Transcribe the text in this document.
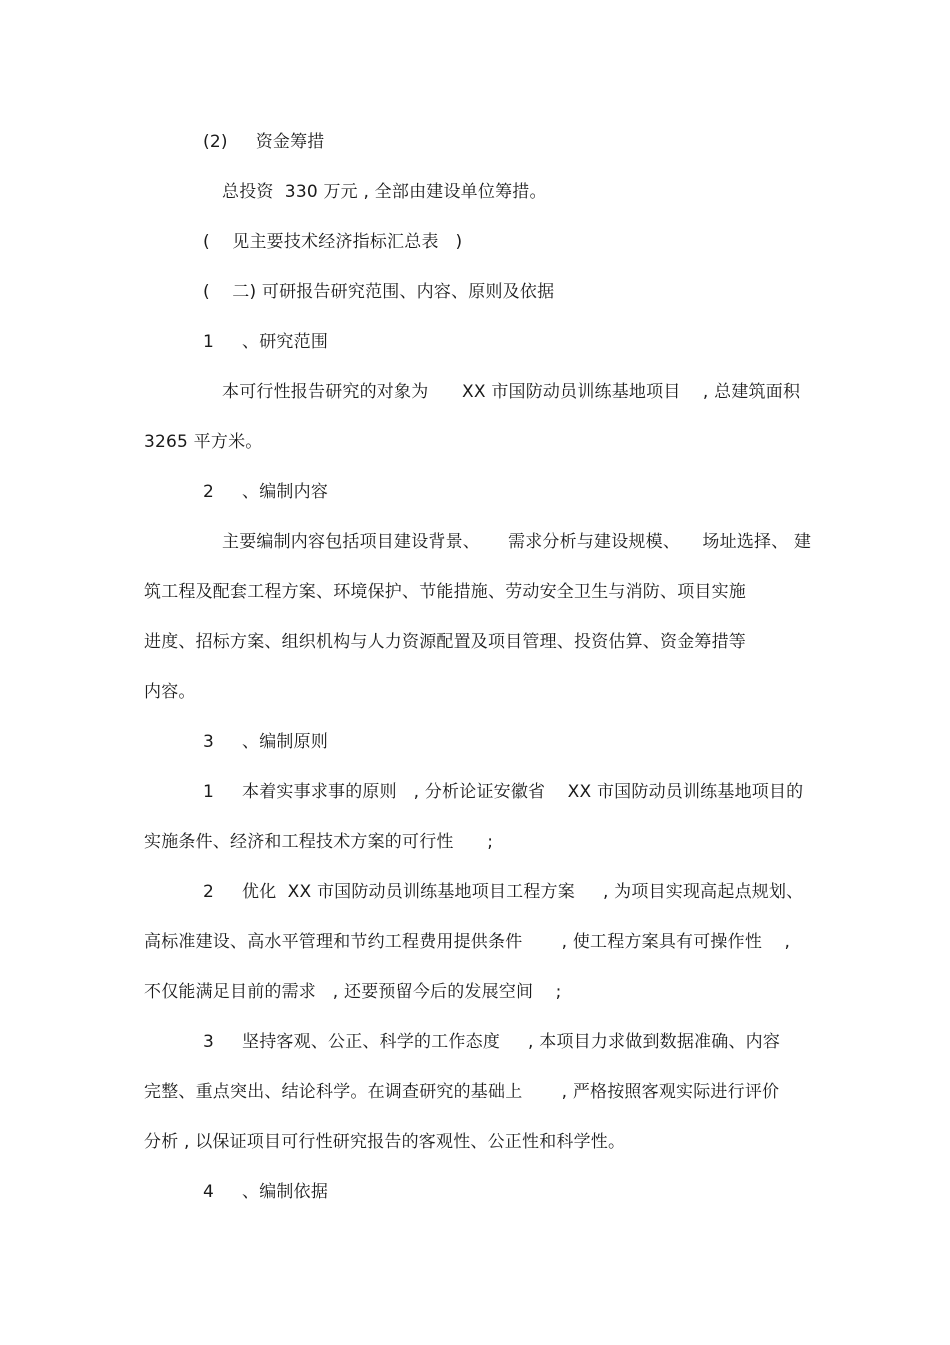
(2)     资金筹措
总投资  330 万元 , 全部由建设单位筹措。
(    见主要技术经济指标汇总表   )
(    二) 可研报告研究范围、内容、原则及依据
1     、研究范围
本可行性报告研究的对象为      XX 市国防动员训练基地项目    , 总建筑面积
3265 平方米。
2     、编制内容
主要编制内容包括项目建设背景、     需求分析与建设规模、    场址选择、 建
筑工程及配套工程方案、环境保护、节能措施、劳动安全卫生与消防、项目实施
进度、招标方案、组织机构与人力资源配置及项目管理、投资估算、资金筹措等
内容。
3     、编制原则
1     本着实事求事的原则   , 分析论证安徽省    XX 市国防动员训练基地项目的
实施条件、经济和工程技术方案的可行性      ;
2     优化  XX 市国防动员训练基地项目工程方案     , 为项目实现高起点规划、
高标准建设、高水平管理和节约工程费用提供条件       , 使工程方案具有可操作性    ,
不仅能满足目前的需求   , 还要预留今后的发展空间    ;
3     坚持客观、公正、科学的工作态度     , 本项目力求做到数据准确、内容
完整、重点突出、结论科学。在调查研究的基础上       , 严格按照客观实际进行评价
分析 , 以保证项目可行性研究报告的客观性、公正性和科学性。
4     、编制依据
